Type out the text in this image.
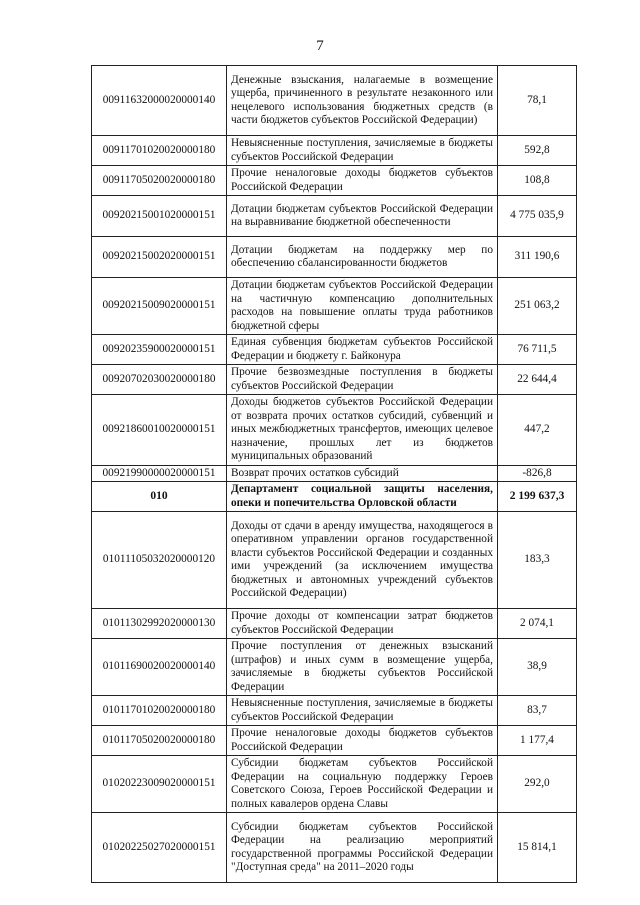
7
00911632000020000140	Денежные взыскания, налагаемые в возмещение ущерба, причиненного в результате незаконного или нецелевого использования бюджетных средств (в части бюджетов субъектов Российской Федерации)	78,1
00911701020020000180	Невыясненные поступления, зачисляемые в бюджеты субъектов Российской Федерации	592,8
00911705020020000180	Прочие неналоговые доходы бюджетов субъектов Российской Федерации	108,8
00920215001020000151	Дотации бюджетам субъектов Российской Федерации на выравнивание бюджетной обеспеченности	4 775 035,9
00920215002020000151	Дотации бюджетам на поддержку мер по обеспечению сбалансированности бюджетов	311 190,6
00920215009020000151	Дотации бюджетам субъектов Российской Федерации на частичную компенсацию дополнительных расходов на повышение оплаты труда работников бюджетной сферы	251 063,2
00920235900020000151	Единая субвенция бюджетам субъектов Российской Федерации и бюджету г. Байконура	76 711,5
00920702030020000180	Прочие безвозмездные поступления в бюджеты субъектов Российской Федерации	22 644,4
00921860010020000151	Доходы бюджетов субъектов Российской Федерации от возврата прочих остатков субсидий, субвенций и иных межбюджетных трансфертов, имеющих целевое назначение, прошлых лет из бюджетов муниципальных образований	447,2
00921990000020000151	Возврат прочих остатков субсидий	-826,8
010	Департамент социальной защиты населения, опеки и попечительства Орловской области	2 199 637,3
01011105032020000120	Доходы от сдачи в аренду имущества, находящегося в оперативном управлении органов государственной власти субъектов Российской Федерации и созданных ими учреждений (за исключением имущества бюджетных и автономных учреждений субъектов Российской Федерации)	183,3
01011302992020000130	Прочие доходы от компенсации затрат бюджетов субъектов Российской Федерации	2 074,1
01011690020020000140	Прочие поступления от денежных взысканий (штрафов) и иных сумм в возмещение ущерба, зачисляемые в бюджеты субъектов Российской Федерации	38,9
01011701020020000180	Невыясненные поступления, зачисляемые в бюджеты субъектов Российской Федерации	83,7
01011705020020000180	Прочие неналоговые доходы бюджетов субъектов Российской Федерации	1 177,4
01020223009020000151	Субсидии бюджетам субъектов Российской Федерации на социальную поддержку Героев Советского Союза, Героев Российской Федерации и полных кавалеров ордена Славы	292,0
01020225027020000151	Субсидии бюджетам субъектов Российской Федерации на реализацию мероприятий государственной программы Российской Федерации "Доступная среда" на 2011–2020 годы	15 814,1
